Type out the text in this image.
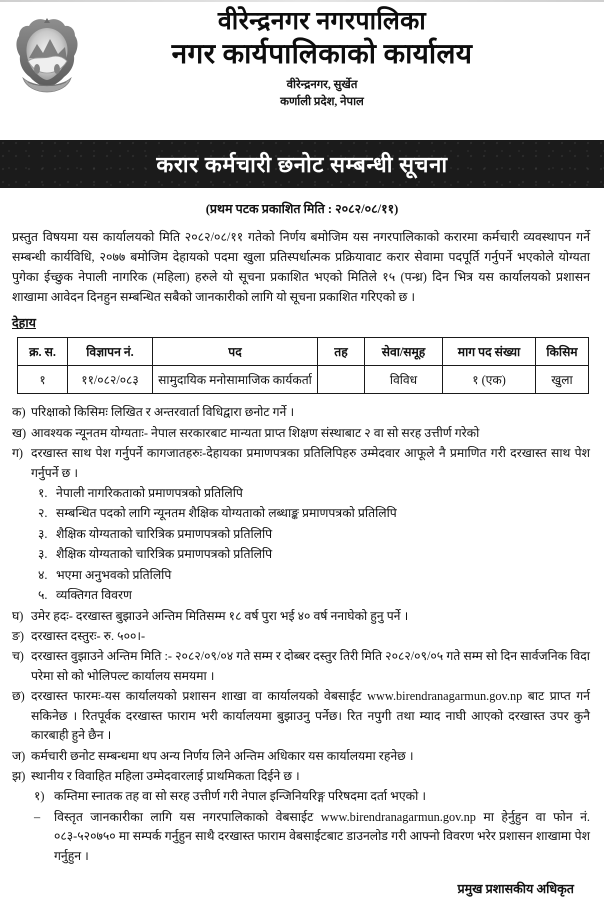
वीरेन्द्रनगर नगरपालिका
नगर कार्यपालिकाको कार्यालय
वीरेन्द्रनगर, सुर्खेत
कर्णाली प्रदेश, नेपाल
करार कर्मचारी छनोट सम्बन्धी सूचना
(प्रथम पटक प्रकाशित मिति : २०८२/०८/११)

प्रस्तुत विषयमा यस कार्यालयको मिति २०८२/०८/११ गतेको निर्णय बमोजिम यस नगरपालिकाको करारमा कर्मचारी व्यवस्थापन गर्ने सम्बन्धी कार्यविधि, २०७७ बमोजिम देहायको पदमा खुला प्रतिस्पर्धात्मक प्रक्रियावाट करार सेवामा पदपूर्ति गर्नुपर्ने भएकोले योग्यता पुगेका ईच्छुक नेपाली नागरिक (महिला) हरुले यो सूचना प्रकाशित भएको मितिले १५ (पन्ध्र) दिन भित्र यस कार्यालयको प्रशासन शाखामा आवेदन दिनहुन सम्बन्धित सबैको जानकारीको लागि यो सूचना प्रकाशित गरिएको छ ।

देहाय
क्र. स.	विज्ञापन नं.	पद	तह	सेवा/समूह	माग पद संख्या	किसिम
१	११/०८२/०८३	सामुदायिक मनोसामाजिक कार्यकर्ता		विविध	१ (एक)	खुला
क) परिक्षाको किसिमः लिखित र अन्तरवार्ता विधिद्वारा छनोट गर्ने ।
ख) आवश्यक न्यूनतम योग्यताः- नेपाल सरकारबाट मान्यता प्राप्त शिक्षण संस्थाबाट २ वा सो सरह उत्तीर्ण गरेको
ग) दरखास्त साथ पेश गर्नुपर्ने कागजातहरुः-देहायका प्रमाणपत्रका प्रतिलिपिहरु उम्मेदवार आफूले नै प्रमाणित गरी दरखास्त साथ पेश गर्नुपर्ने छ ।
१. नेपाली नागरिकताको प्रमाणपत्रको प्रतिलिपि
२. सम्बन्धित पदको लागि न्यूनतम शैक्षिक योग्यताको लब्धाङ्क प्रमाणपत्रको प्रतिलिपि
३. शैक्षिक योग्यताको चारित्रिक प्रमाणपत्रको प्रतिलिपि
३. शैक्षिक योग्यताको चारित्रिक प्रमाणपत्रको प्रतिलिपि
४. भएमा अनुभवको प्रतिलिपि
५. व्यक्तिगत विवरण
घ) उमेर हदः- दरखास्त बुझाउने अन्तिम मितिसम्म १८ वर्ष पुरा भई ४० वर्ष ननाघेको हुनु पर्ने ।
ङ) दरखास्त दस्तुरः- रु. ५००।-
च) दरखास्त वुझाउने अन्तिम मिति :- २०८२/०९/०४ गते सम्म र दोब्बर दस्तुर तिरी मिति २०८२/०९/०५ गते सम्म सो दिन सार्वजनिक विदा परेमा सो को भोलिपल्ट कार्यालय समयमा ।
छ) दरखास्त फारमः-यस कार्यालयको प्रशासन शाखा वा कार्यालयको वेबसाईट www.birendranagarmun.gov.np बाट प्राप्त गर्न सकिनेछ । रितपूर्वक दरखास्त फाराम भरी कार्यालयमा बुझाउनु पर्नेछ। रित नपुगी तथा म्याद नाघी आएको दरखास्त उपर कुनै कारबाही हुने छैन ।
ज) कर्मचारी छनोट सम्बन्धमा थप अन्य निर्णय लिने अन्तिम अधिकार यस कार्यालयमा रहनेछ ।
झ) स्थानीय र विवाहित महिला उम्मेदवारलाई प्राथमिकता दिईने छ ।
१) कम्तिमा स्नातक तह वा सो सरह उत्तीर्ण गरी नेपाल इन्जिनियरिङ्ग परिषदमा दर्ता भएको ।
–	विस्तृत जानकारीका लागि यस नगरपालिकाको वेबसाईट www.birendranagarmun.gov.np मा हेर्नुहुन वा फोन नं. ०८३-५२०७५० मा सम्पर्क गर्नुहुन साथै दरखास्त फाराम वेबसाईटबाट डाउनलोड गरी आफ्नो विवरण भरेर प्रशासन शाखामा पेश गर्नुहुन ।
प्रमुख प्रशासकीय अधिकृत
